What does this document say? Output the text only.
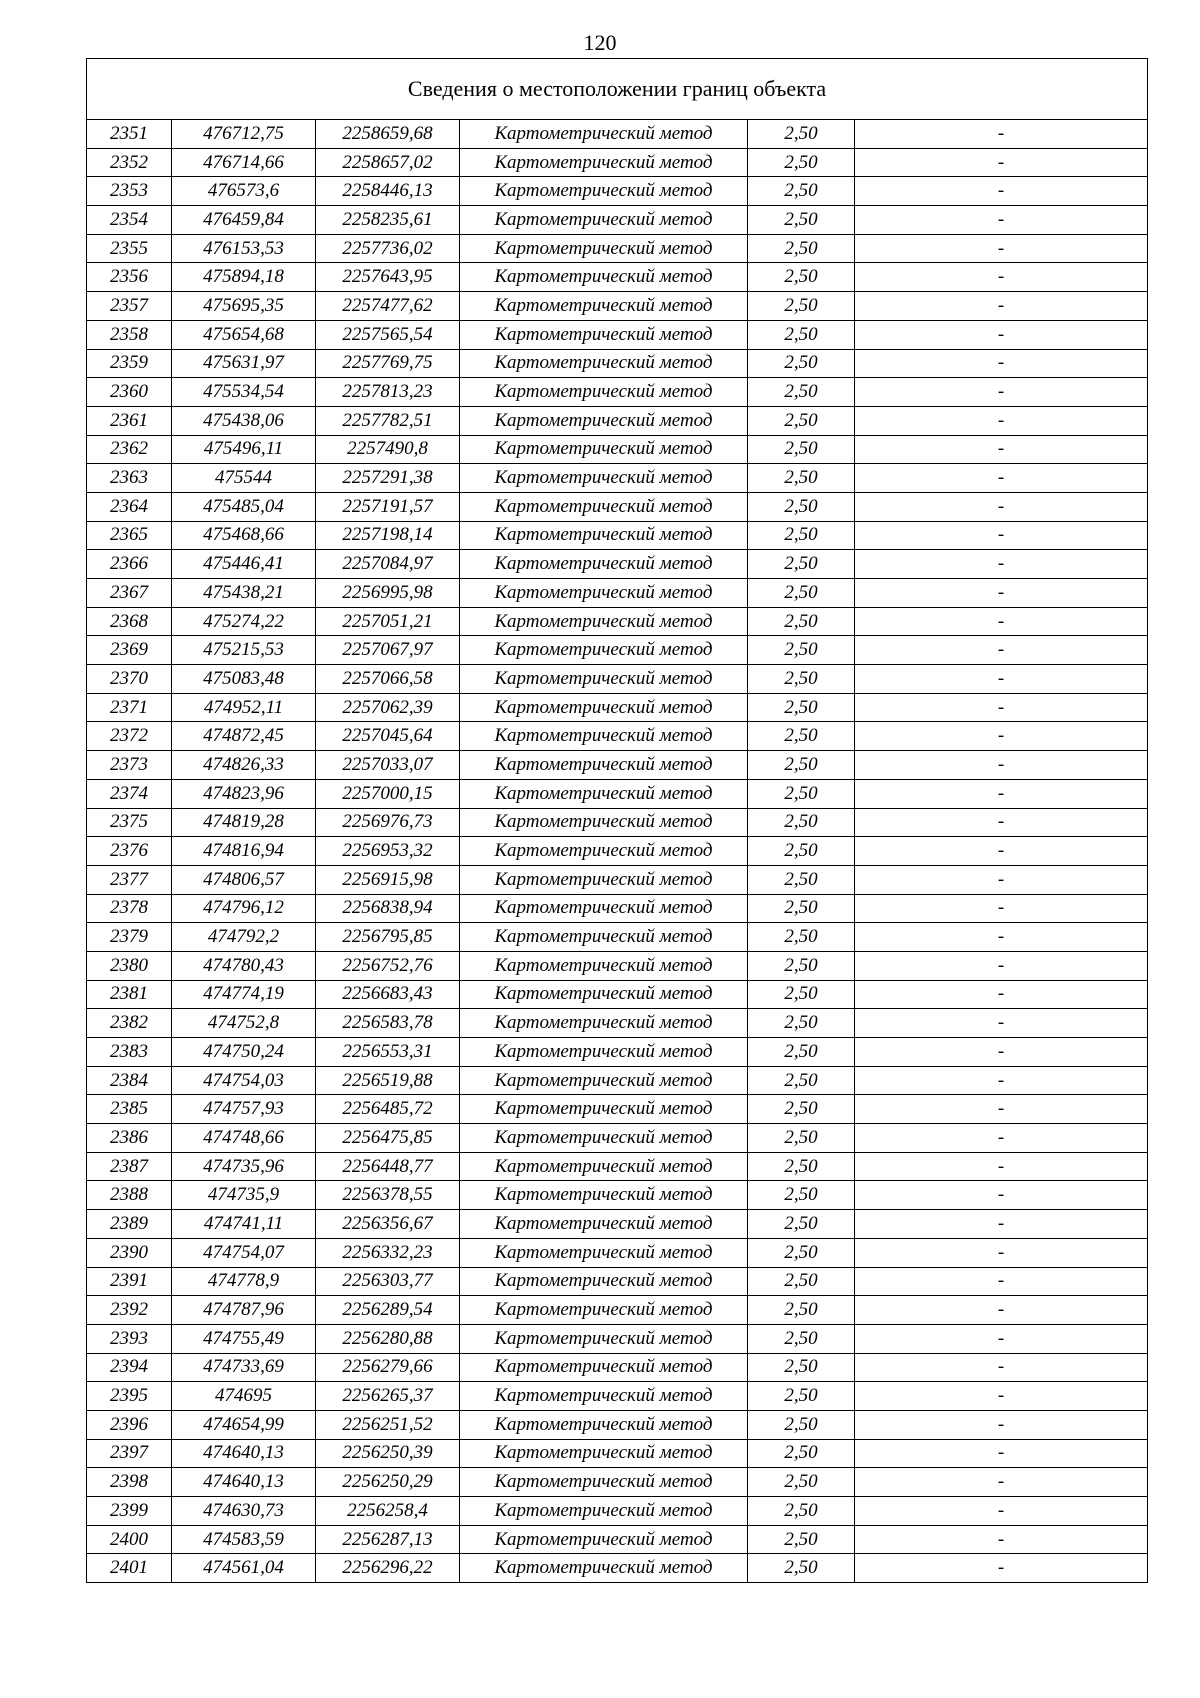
120
Сведения о местоположении границ объекта					
2351	476712,75	2258659,68	Картометрический метод	2,50	-
2352	476714,66	2258657,02	Картометрический метод	2,50	-
2353	476573,6	2258446,13	Картометрический метод	2,50	-
2354	476459,84	2258235,61	Картометрический метод	2,50	-
2355	476153,53	2257736,02	Картометрический метод	2,50	-
2356	475894,18	2257643,95	Картометрический метод	2,50	-
2357	475695,35	2257477,62	Картометрический метод	2,50	-
2358	475654,68	2257565,54	Картометрический метод	2,50	-
2359	475631,97	2257769,75	Картометрический метод	2,50	-
2360	475534,54	2257813,23	Картометрический метод	2,50	-
2361	475438,06	2257782,51	Картометрический метод	2,50	-
2362	475496,11	2257490,8	Картометрический метод	2,50	-
2363	475544	2257291,38	Картометрический метод	2,50	-
2364	475485,04	2257191,57	Картометрический метод	2,50	-
2365	475468,66	2257198,14	Картометрический метод	2,50	-
2366	475446,41	2257084,97	Картометрический метод	2,50	-
2367	475438,21	2256995,98	Картометрический метод	2,50	-
2368	475274,22	2257051,21	Картометрический метод	2,50	-
2369	475215,53	2257067,97	Картометрический метод	2,50	-
2370	475083,48	2257066,58	Картометрический метод	2,50	-
2371	474952,11	2257062,39	Картометрический метод	2,50	-
2372	474872,45	2257045,64	Картометрический метод	2,50	-
2373	474826,33	2257033,07	Картометрический метод	2,50	-
2374	474823,96	2257000,15	Картометрический метод	2,50	-
2375	474819,28	2256976,73	Картометрический метод	2,50	-
2376	474816,94	2256953,32	Картометрический метод	2,50	-
2377	474806,57	2256915,98	Картометрический метод	2,50	-
2378	474796,12	2256838,94	Картометрический метод	2,50	-
2379	474792,2	2256795,85	Картометрический метод	2,50	-
2380	474780,43	2256752,76	Картометрический метод	2,50	-
2381	474774,19	2256683,43	Картометрический метод	2,50	-
2382	474752,8	2256583,78	Картометрический метод	2,50	-
2383	474750,24	2256553,31	Картометрический метод	2,50	-
2384	474754,03	2256519,88	Картометрический метод	2,50	-
2385	474757,93	2256485,72	Картометрический метод	2,50	-
2386	474748,66	2256475,85	Картометрический метод	2,50	-
2387	474735,96	2256448,77	Картометрический метод	2,50	-
2388	474735,9	2256378,55	Картометрический метод	2,50	-
2389	474741,11	2256356,67	Картометрический метод	2,50	-
2390	474754,07	2256332,23	Картометрический метод	2,50	-
2391	474778,9	2256303,77	Картометрический метод	2,50	-
2392	474787,96	2256289,54	Картометрический метод	2,50	-
2393	474755,49	2256280,88	Картометрический метод	2,50	-
2394	474733,69	2256279,66	Картометрический метод	2,50	-
2395	474695	2256265,37	Картометрический метод	2,50	-
2396	474654,99	2256251,52	Картометрический метод	2,50	-
2397	474640,13	2256250,39	Картометрический метод	2,50	-
2398	474640,13	2256250,29	Картометрический метод	2,50	-
2399	474630,73	2256258,4	Картометрический метод	2,50	-
2400	474583,59	2256287,13	Картометрический метод	2,50	-
2401	474561,04	2256296,22	Картометрический метод	2,50	-
